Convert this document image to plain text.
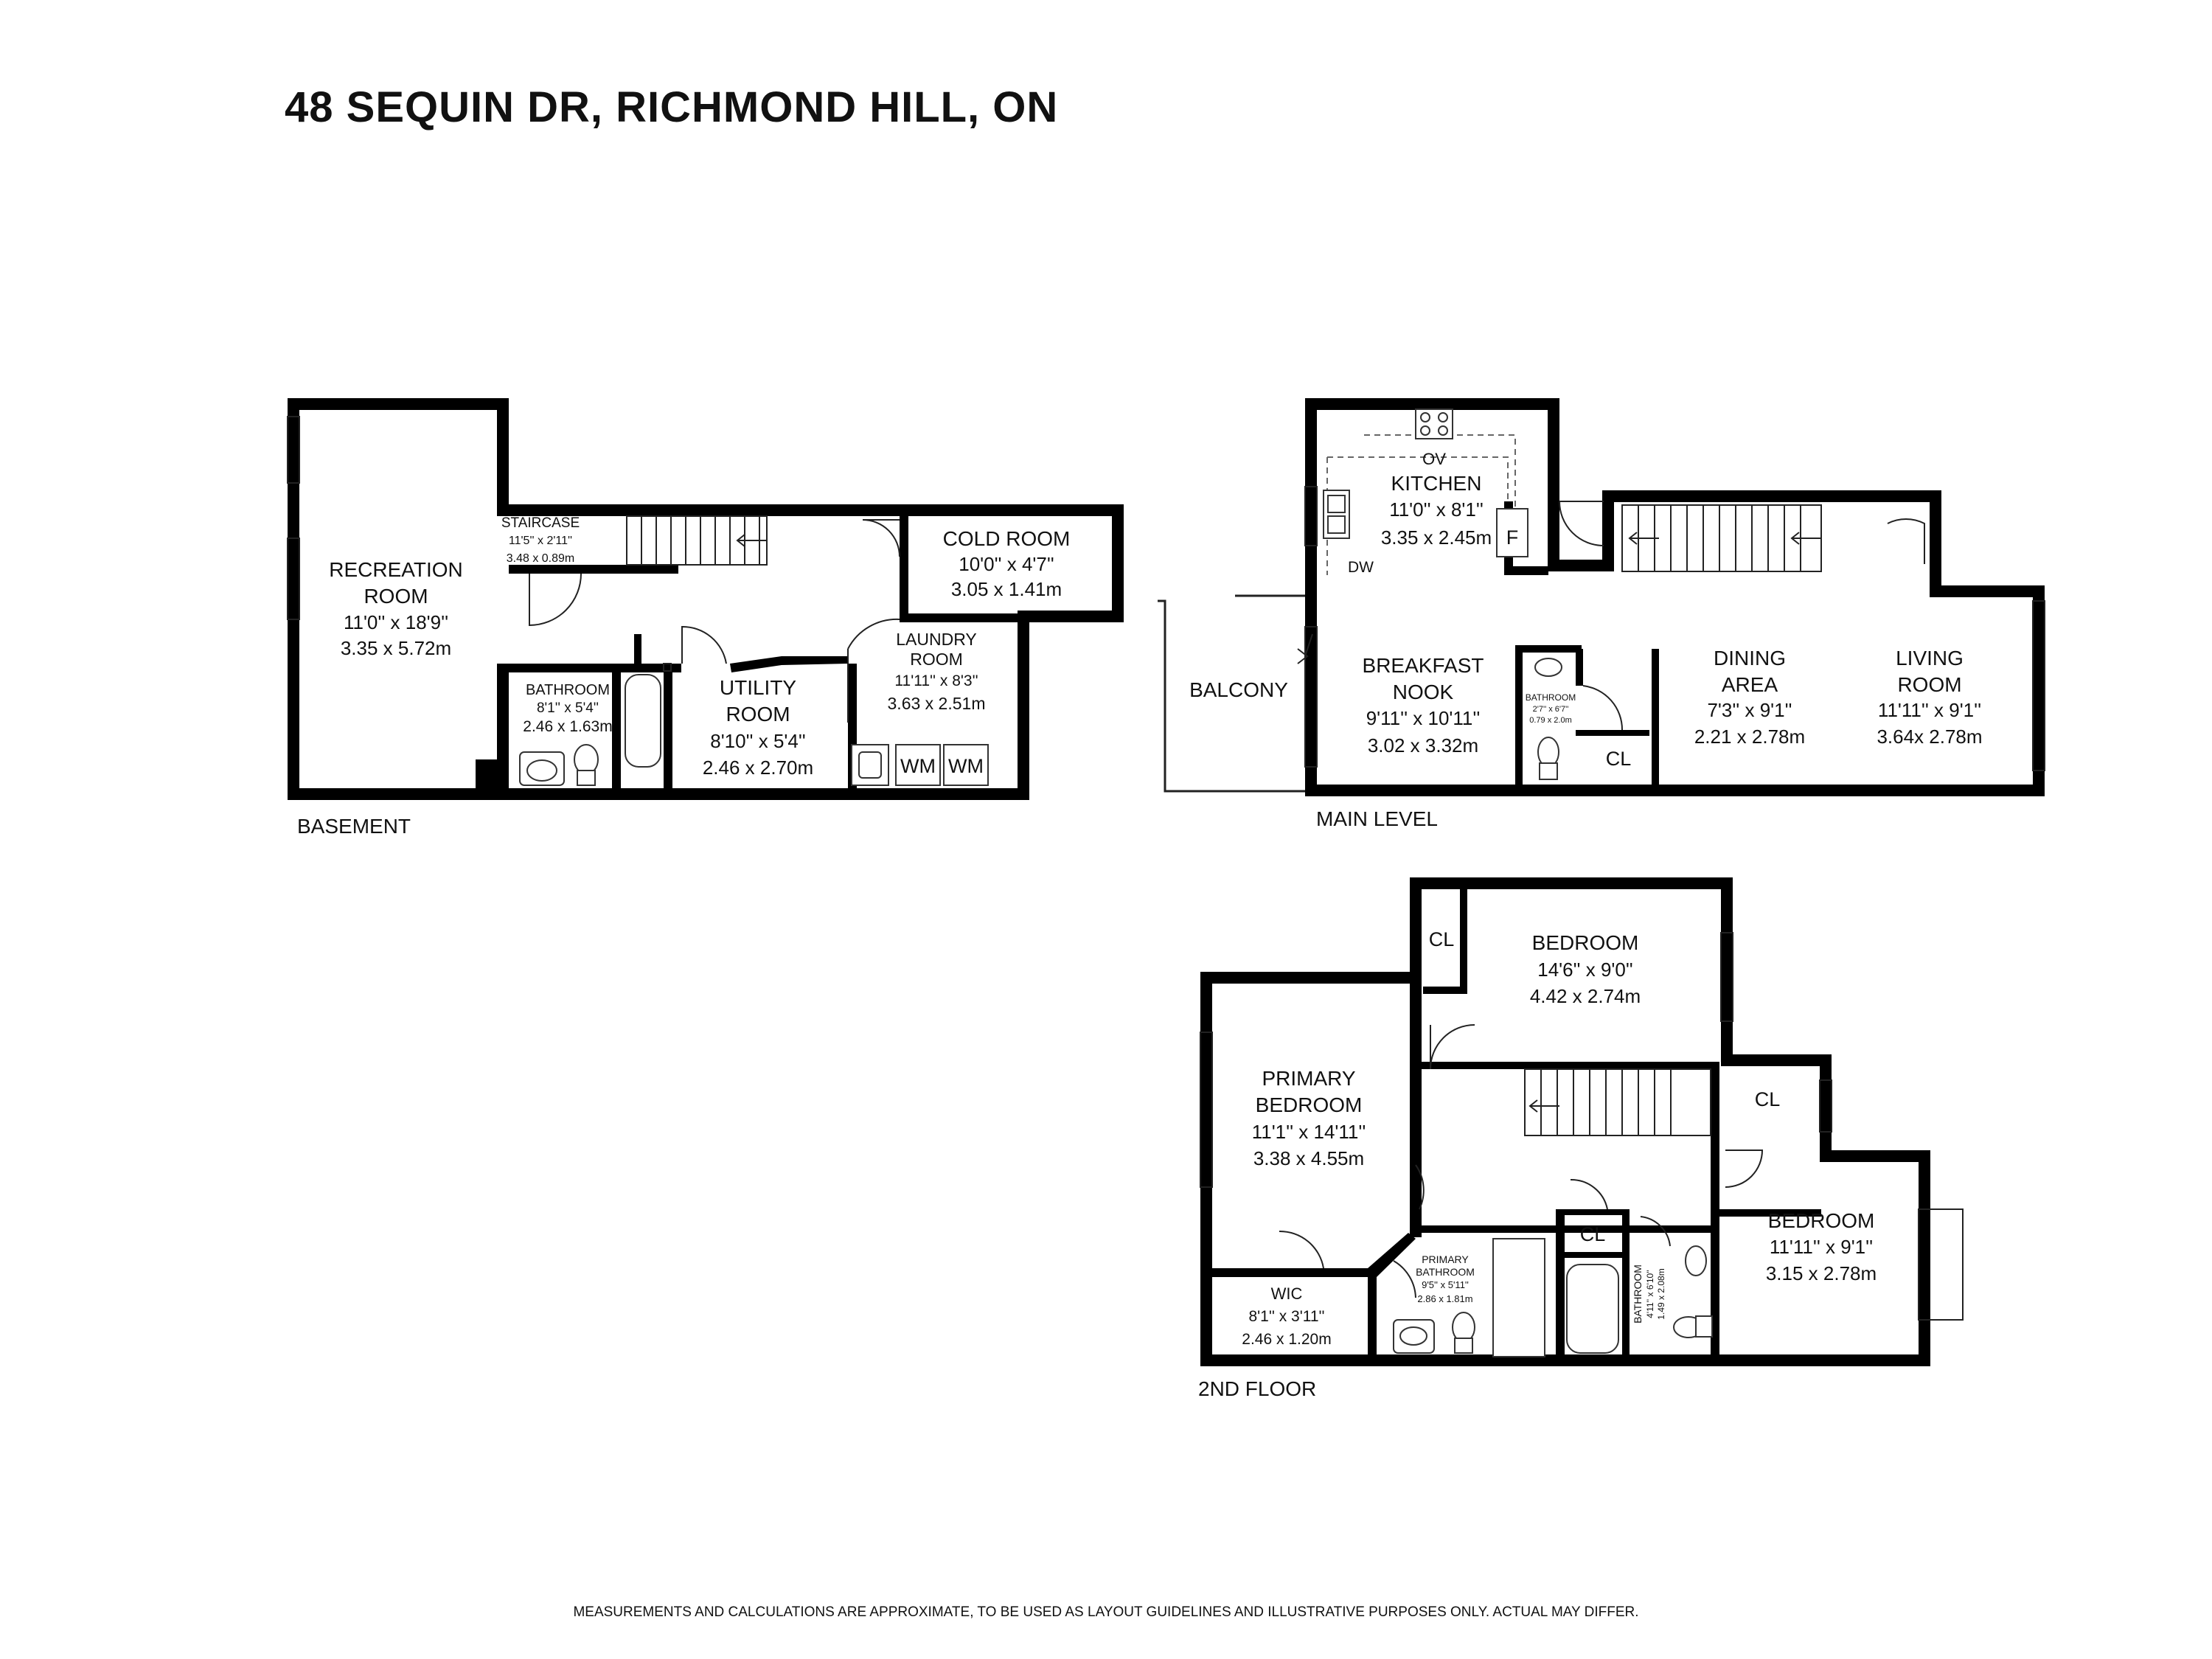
48 SEQUIN DR, RICHMOND HILL, ON
WM WM
RECREATION
ROOM
11'0'' x 18'9''
3.35 x 5.72m
STAIRCASE
11'5'' x 2'11''
3.48 x 0.89m
COLD ROOM
10'0'' x 4'7''
3.05 x 1.41m
LAUNDRY
ROOM
11'11'' x 8'3''
3.63 x 2.51m
UTILITY
ROOM
8'10'' x 5'4''
2.46 x 2.70m
BATHROOM
8'1'' x 5'4''
2.46 x 1.63m
BASEMENT
OV
F
DW
CL
KITCHEN
11'0'' x 8'1''
3.35 x 2.45m
BREAKFAST
NOOK
9'11'' x 10'11''
3.02 x 3.32m
BATHROOM
2'7'' x 6'7''
0.79 x 2.0m
DINING
AREA
7'3'' x 9'1''
2.21 x 2.78m
LIVING
ROOM
11'11'' x 9'1''
3.64x 2.78m
BALCONY
MAIN LEVEL
CL
CL
CL
BEDROOM
14'6'' x 9'0''
4.42 x 2.74m
PRIMARY
BEDROOM
11'1'' x 14'11''
3.38 x 4.55m
BEDROOM
11'11'' x 9'1''
3.15 x 2.78m
WIC
8'1'' x 3'11''
2.46 x 1.20m
PRIMARY
BATHROOM
9'5'' x 5'11''
2.86 x 1.81m	BATHROOM 4'11'' x 6'10'' 1.49 x 2.08m
2ND FLOOR
MEASUREMENTS AND CALCULATIONS ARE APPROXIMATE, TO BE USED AS LAYOUT GUIDELINES AND ILLUSTRATIVE PURPOSES ONLY. ACTUAL MAY DIFFER.
